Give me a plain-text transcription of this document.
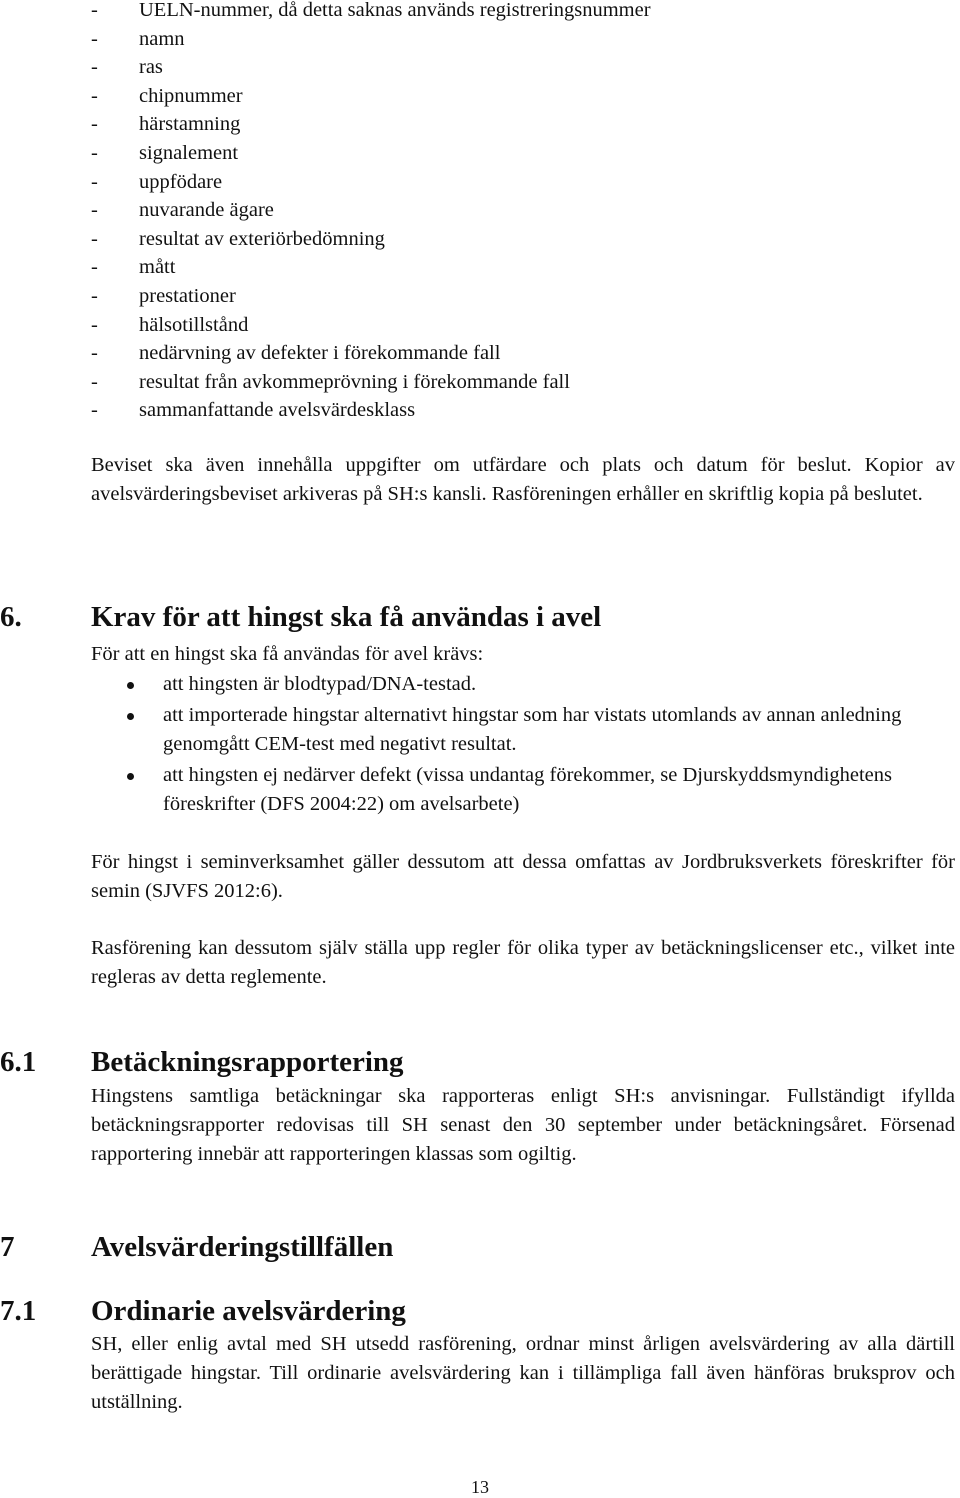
- UELN-nummer, då detta saknas används registreringsnummer
- namn
- ras
- chipnummer
- härstamning
- signalement
- uppfödare
- nuvarande ägare
- resultat av exteriörbedömning
- mått
- prestationer
- hälsotillstånd
- nedärvning av defekter i förekommande fall
- resultat från avkommeprövning i förekommande fall
- sammanfattande avelsvärdesklass

Beviset ska även innehålla uppgifter om utfärdare och plats och datum för beslut. Kopior av avelsvärderingsbeviset arkiveras på SH:s kansli. Rasföreningen erhåller en skriftlig kopia på beslutet.

6. Krav för att hingst ska få användas i avel

För att en hingst ska få användas för avel krävs:

att hingsten är blodtypad/DNA-testad.
att importerade hingstar alternativt hingstar som har vistats utomlands av annan anledning genomgått CEM-test med negativt resultat.
att hingsten ej nedärver defekt (vissa undantag förekommer, se Djurskyddsmyndighetens föreskrifter (DFS 2004:22) om avelsarbete)

För hingst i seminverksamhet gäller dessutom att dessa omfattas av Jordbruksverkets föreskrifter för semin (SJVFS 2012:6).

Rasförening kan dessutom själv ställa upp regler för olika typer av betäckningslicenser etc., vilket inte regleras av detta reglemente.

6.1 Betäckningsrapportering

Hingstens samtliga betäckningar ska rapporteras enligt SH:s anvisningar. Fullständigt ifyllda betäckningsrapporter redovisas till SH senast den 30 september under betäckningsåret. Försenad rapportering innebär att rapporteringen klassas som ogiltig.

7	Avelsvärderingstillfällen
7.1 Ordinarie avelsvärdering

SH, eller enlig avtal med SH utsedd rasförening, ordnar minst årligen avelsvärdering av alla därtill berättigade hingstar. Till ordinarie avelsvärdering kan i tillämpliga fall även hänföras bruksprov och utställning.

13
